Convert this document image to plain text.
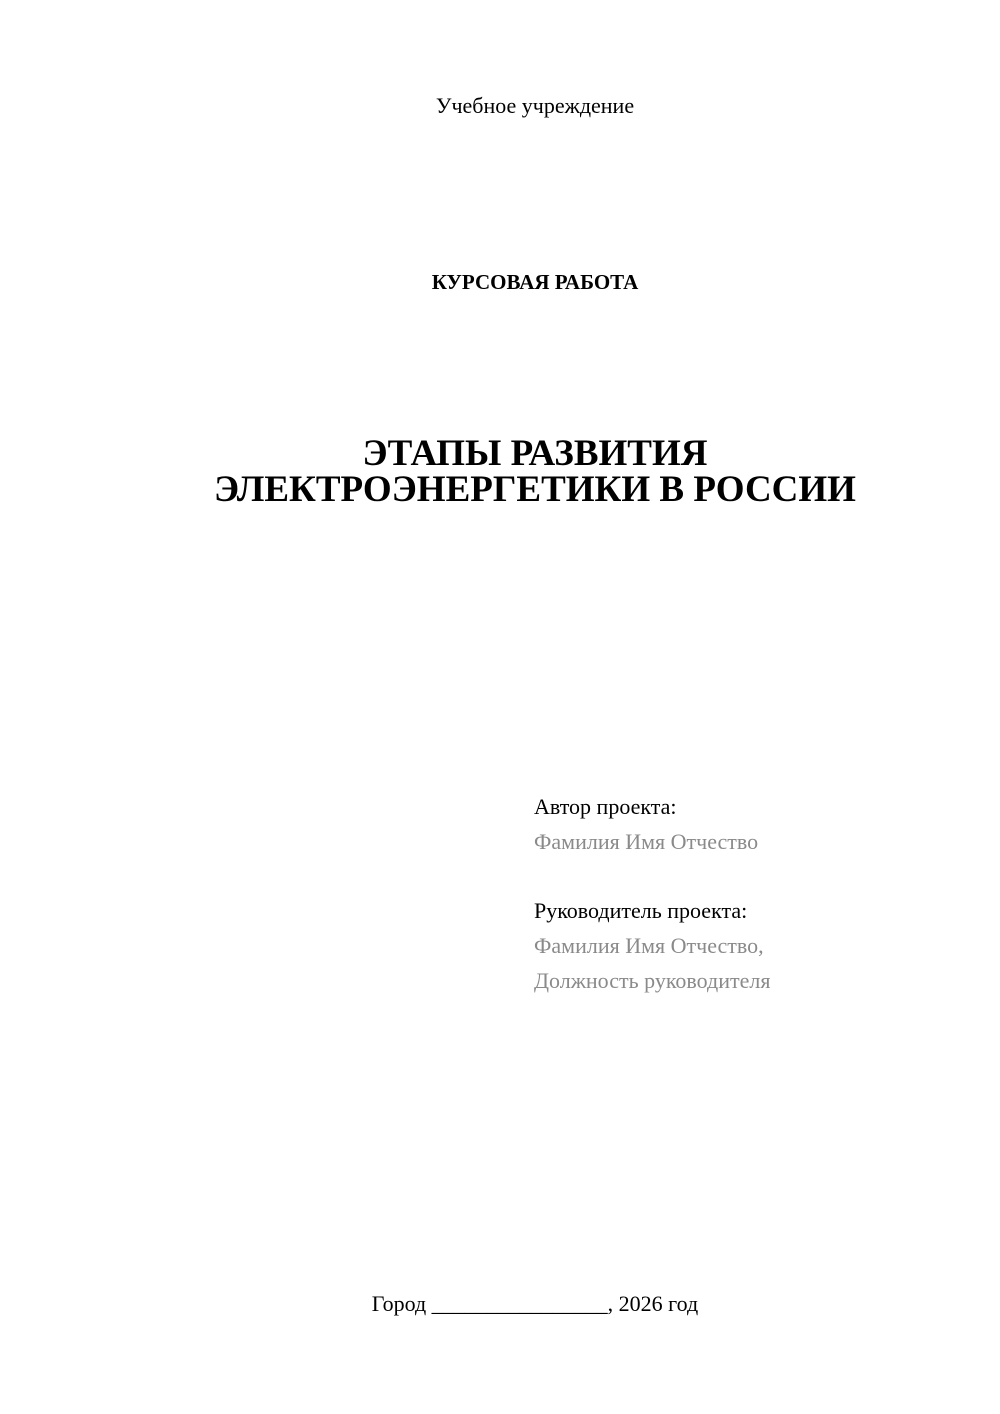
Учебное учреждение
КУРСОВАЯ РАБОТА
ЭТАПЫ РАЗВИТИЯ
ЭЛЕКТРОЭНЕРГЕТИКИ В РОССИИ
Автор проекта:
Фамилия Имя Отчество
Руководитель проекта:
Фамилия Имя Отчество,
Должность руководителя
Город ________________, 2026 год
